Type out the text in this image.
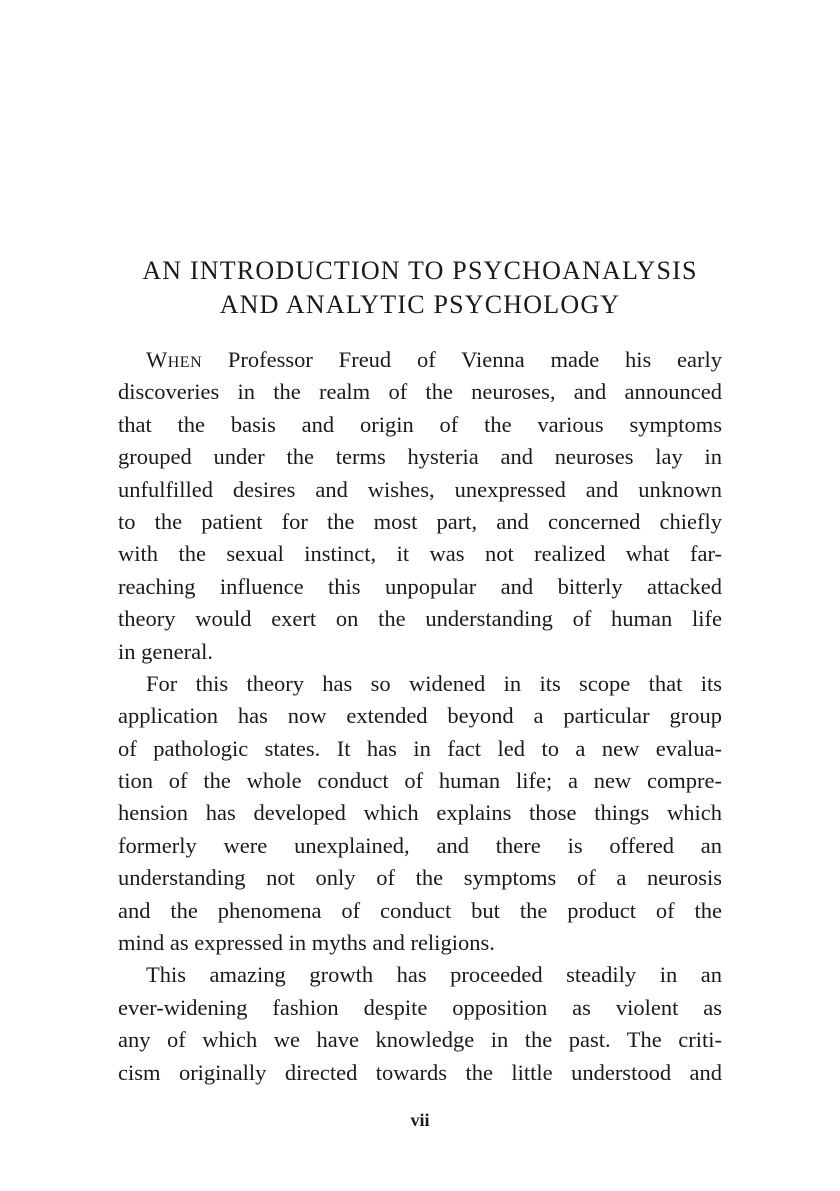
AN INTRODUCTION TO PSYCHOANALYSIS
AND ANALYTIC PSYCHOLOGY
When Professor Freud of Vienna made his early
discoveries in the realm of the neuroses, and announced
that the basis and origin of the various symptoms
grouped under the terms hysteria and neuroses lay in
unfulfilled desires and wishes, unexpressed and unknown
to the patient for the most part, and concerned chiefly
with the sexual instinct, it was not realized what far-
reaching influence this unpopular and bitterly attacked
theory would exert on the understanding of human life
in general.
For this theory has so widened in its scope that its
application has now extended beyond a particular group
of pathologic states. It has in fact led to a new evalua-
tion of the whole conduct of human life; a new compre-
hension has developed which explains those things which
formerly were unexplained, and there is offered an
understanding not only of the symptoms of a neurosis
and the phenomena of conduct but the product of the
mind as expressed in myths and religions.
This amazing growth has proceeded steadily in an
ever-widening fashion despite opposition as violent as
any of which we have knowledge in the past. The criti-
cism originally directed towards the little understood and
vii
